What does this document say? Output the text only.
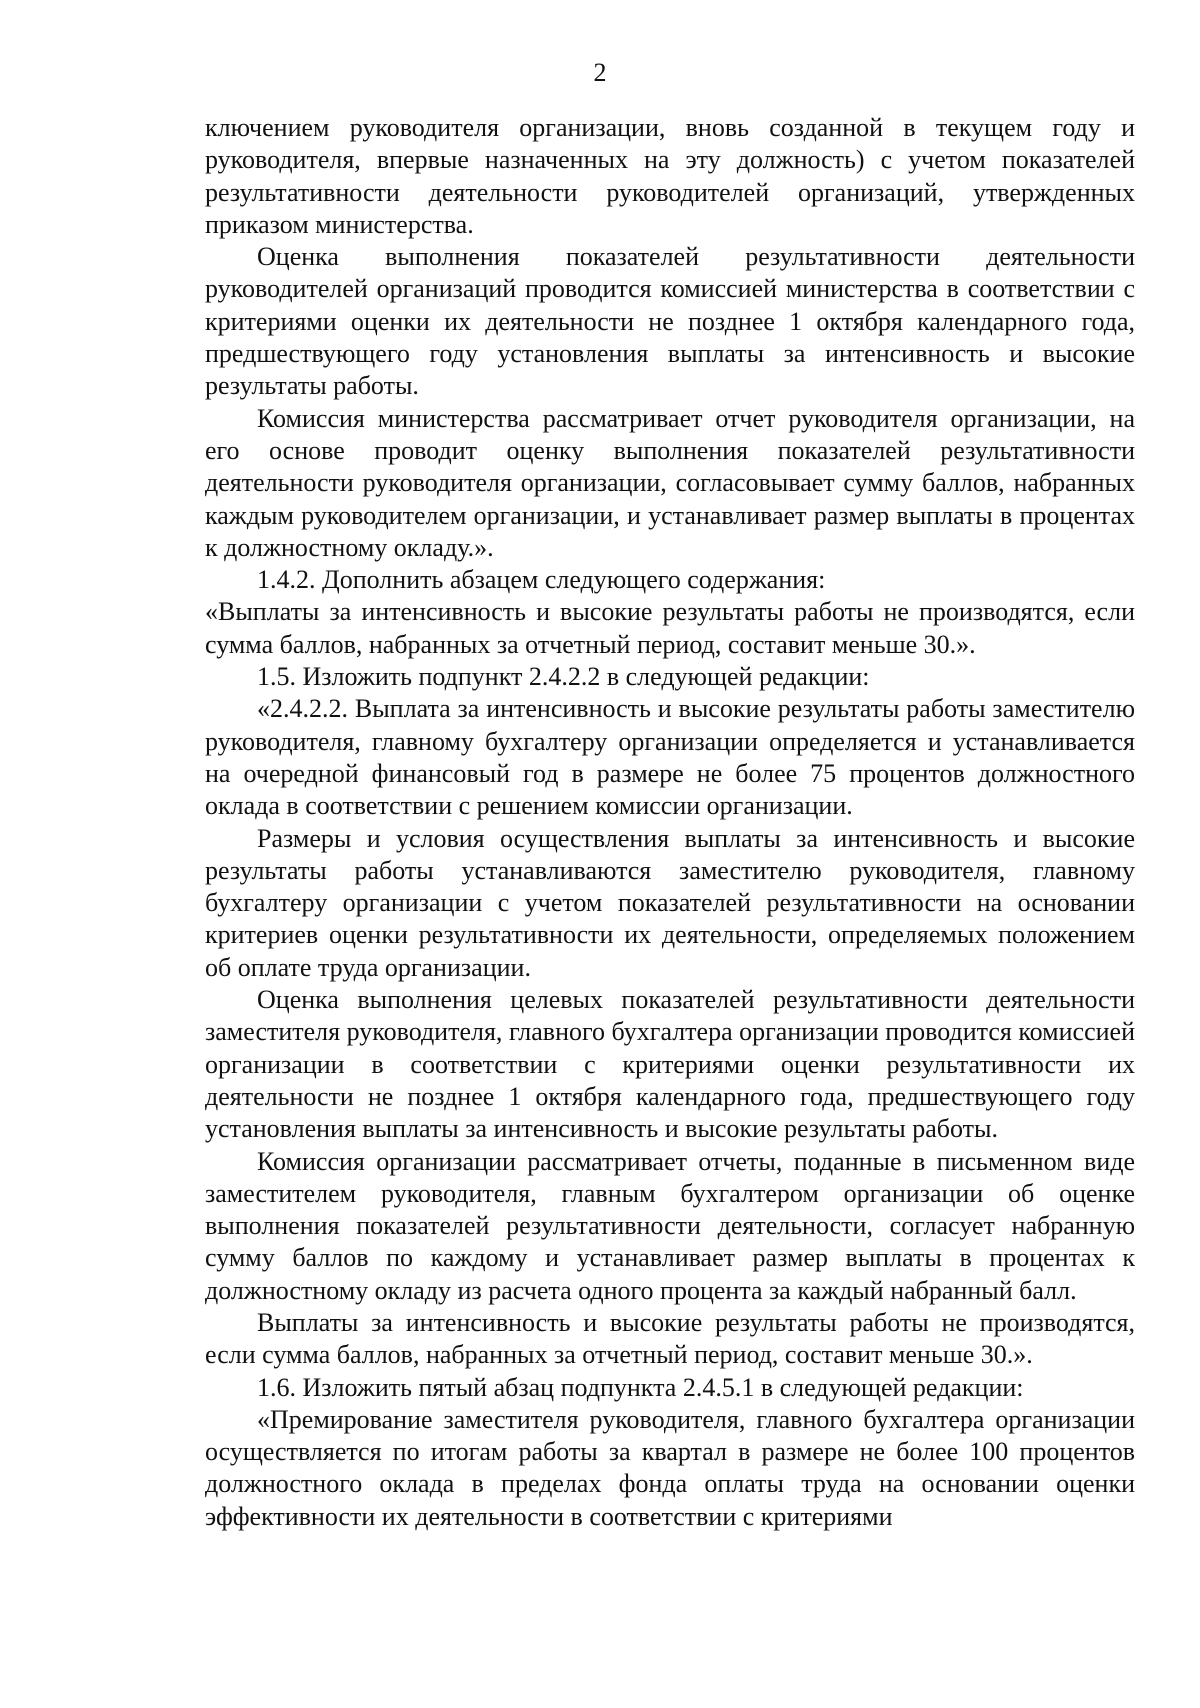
2

ключением руководителя организации, вновь созданной в текущем году и руководителя, впервые назначенных на эту должность) с учетом показателей результативности деятельности руководителей организаций, утвержденных приказом министерства.

Оценка выполнения показателей результативности деятельности руководителей организаций проводится комиссией министерства в соответствии с критериями оценки их деятельности не позднее 1 октября календарного года, предшествующего году установления выплаты за интенсивность и высокие результаты работы.

Комиссия министерства рассматривает отчет руководителя организации, на его основе проводит оценку выполнения показателей результативности деятельности руководителя организации, согласовывает сумму баллов, набранных каждым руководителем организации, и устанавливает размер выплаты в процентах к должностному окладу.».

1.4.2. Дополнить абзацем следующего содержания:

«Выплаты за интенсивность и высокие результаты работы не производятся, если сумма баллов, набранных за отчетный период, составит меньше 30.».

1.5. Изложить подпункт 2.4.2.2 в следующей редакции:

«2.4.2.2. Выплата за интенсивность и высокие результаты работы заместителю руководителя, главному бухгалтеру организации определяется и устанавливается на очередной финансовый год в размере не более 75 процентов должностного оклада в соответствии с решением комиссии организации.

Размеры и условия осуществления выплаты за интенсивность и высокие результаты работы устанавливаются заместителю руководителя, главному бухгалтеру организации с учетом показателей результативности на основании критериев оценки результативности их деятельности, определяемых положением об оплате труда организации.

Оценка выполнения целевых показателей результативности деятельности заместителя руководителя, главного бухгалтера организации проводится комиссией организации в соответствии с критериями оценки результативности их деятельности не позднее 1 октября календарного года, предшествующего году установления выплаты за интенсивность и высокие результаты работы.

Комиссия организации рассматривает отчеты, поданные в письменном виде заместителем руководителя, главным бухгалтером организации об оценке выполнения показателей результативности деятельности, согласует набранную сумму баллов по каждому и устанавливает размер выплаты в процентах к должностному окладу из расчета одного процента за каждый набранный балл.

Выплаты за интенсивность и высокие результаты работы не производятся, если сумма баллов, набранных за отчетный период, составит меньше 30.».

1.6. Изложить пятый абзац подпункта 2.4.5.1 в следующей редакции:

«Премирование заместителя руководителя, главного бухгалтера организации осуществляется по итогам работы за квартал в размере не более 100 процентов должностного оклада в пределах фонда оплаты труда на основании оценки эффективности их деятельности в соответствии с критериями
